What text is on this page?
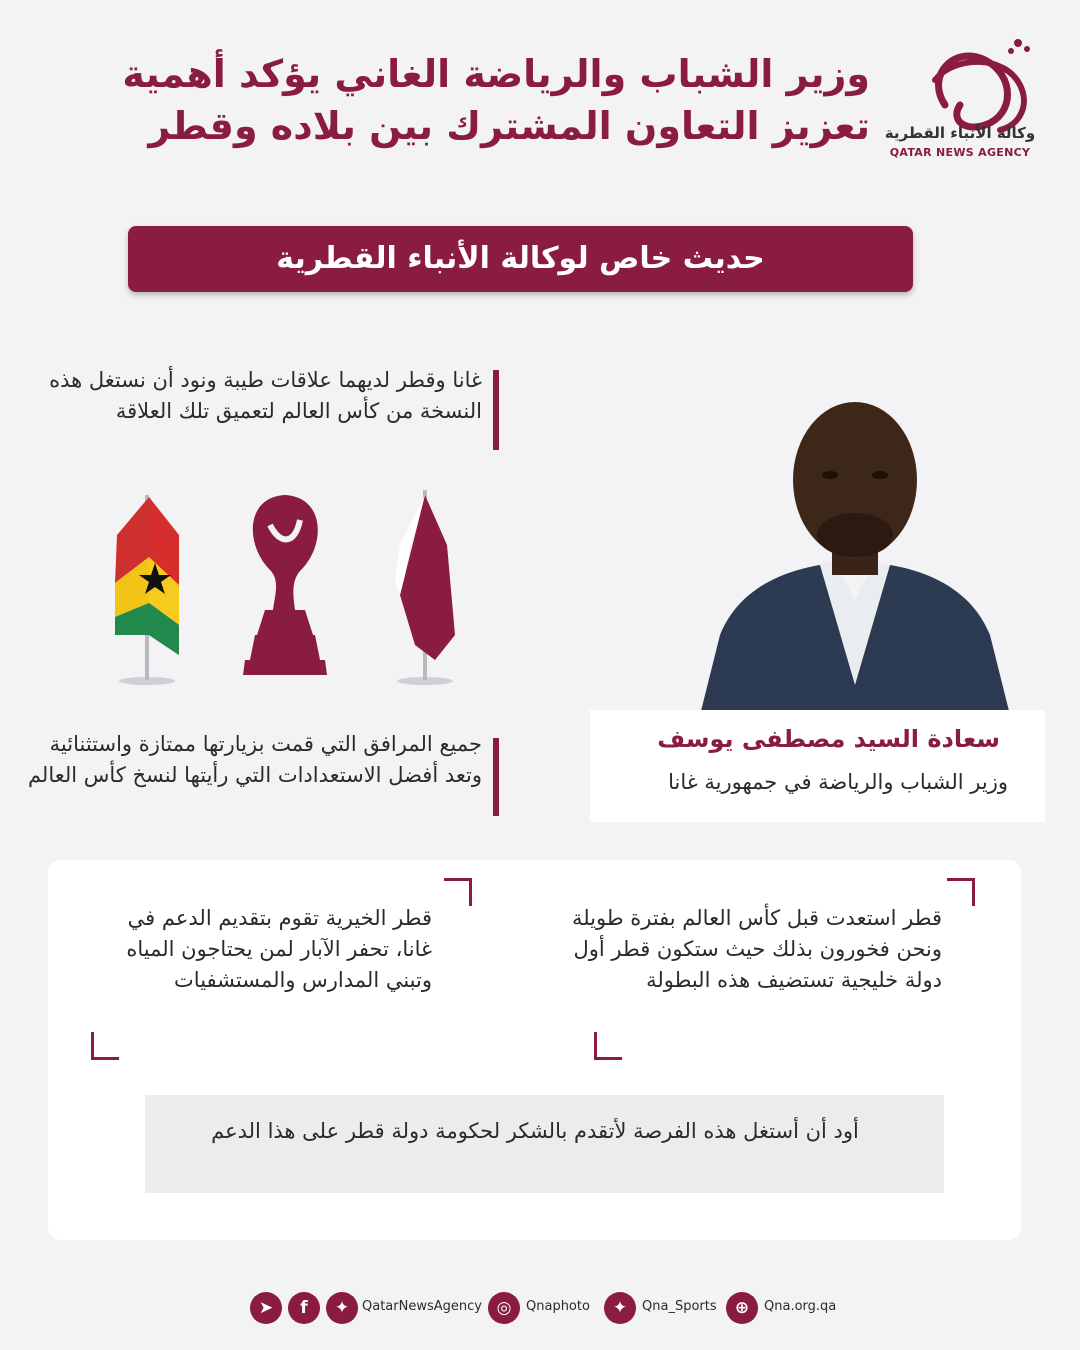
وكالة الأنباء القطرية
QATAR NEWS AGENCY
وزير الشباب والرياضة الغاني يؤكد أهمية
تعزيز التعاون المشترك بين بلاده وقطر
حديث خاص لوكالة الأنباء القطرية
غانا وقطر لديهما علاقات طيبة ونود أن نستغل هذه النسخة من كأس العالم لتعميق تلك العلاقة
جميع المرافق التي قمت بزيارتها ممتازة واستثنائية وتعد أفضل الاستعدادات التي رأيتها لنسخ كأس العالم
سعادة السيد مصطفى يوسف
وزير الشباب والرياضة في جمهورية غانا
قطر استعدت قبل كأس العالم بفترة طويلة ونحن فخورون بذلك حيث ستكون قطر أول دولة خليجية تستضيف هذه البطولة
قطر الخيرية تقوم بتقديم الدعم في غانا، تحفر الآبار لمن يحتاجون المياه وتبني المدارس والمستشفيات
أود أن أستغل هذه الفرصة لأتقدم بالشكر لحكومة دولة قطر على هذا الدعم
➤	f	✦ QatarNewsAgency ◎	Qnaphoto	✦	Qna_Sports	⊕	Qna.org.qa
